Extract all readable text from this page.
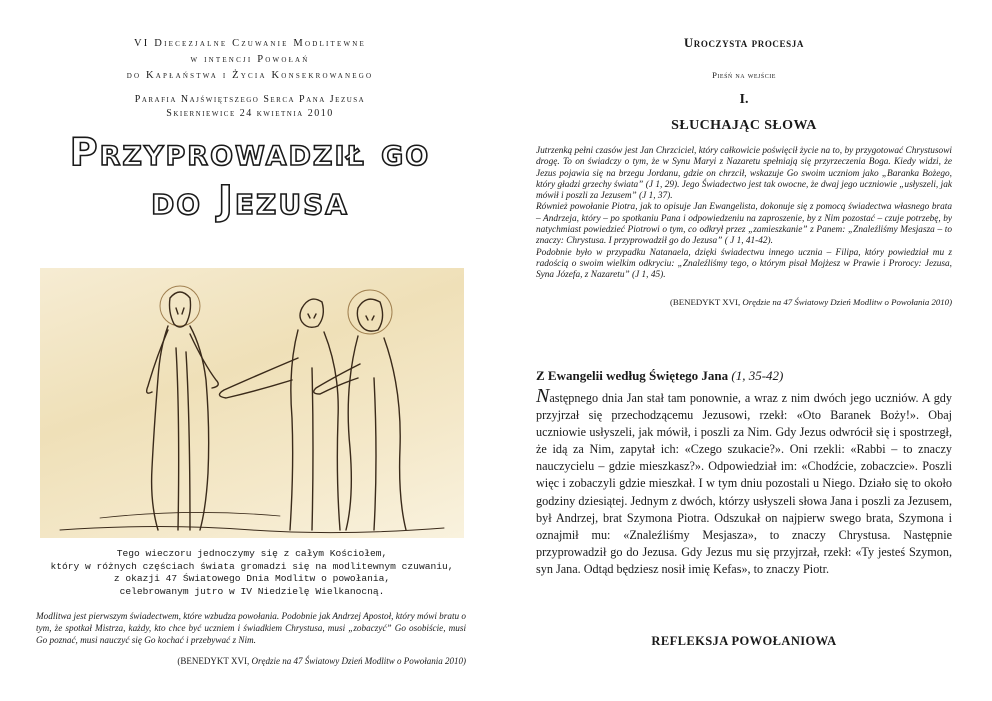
VI Diecezjalne Czuwanie Modlitewne
w intencji Powołań
do Kapłaństwa i Życia Konsekrowanego
Parafia Najświętszego Serca Pana Jezusa
Skierniewice 24 kwietnia 2010
Przyprowadził go
do Jezusa
Tego wieczoru jednoczymy się z całym Kościołem,
który w różnych częściach świata gromadzi się na modlitewnym czuwaniu,
z okazji 47 Światowego Dnia Modlitw o powołania,
celebrowanym jutro w IV Niedzielę Wielkanocną.
Modlitwa jest pierwszym świadectwem, które wzbudza powołania. Podobnie jak Andrzej Apostoł, który mówi bratu o tym, że spotkał Mistrza, każdy, kto chce być uczniem i świadkiem Chrystusa, musi „zobaczyć” Go osobiście, musi Go poznać, musi nauczyć się Go kochać i przebywać z Nim.
(BENEDYKT XVI, Orędzie na 47 Światowy Dzień Modlitw o Powołania 2010)
Uroczysta procesja
Pieśń na wejście
I.
SŁUCHAJĄC SŁOWA

Jutrzenką pełni czasów jest Jan Chrzciciel, który całkowicie poświęcił życie na to, by przygotować Chrystusowi drogę. To on świadczy o tym, że w Synu Maryi z Nazaretu spełniają się przyrzeczenia Boga. Kiedy widzi, że Jezus pojawia się na brzegu Jordanu, gdzie on chrzcił, wskazuje Go swoim uczniom jako „Baranka Bożego, który gładzi grzechy świata” (J 1, 29). Jego Świadectwo jest tak owocne, że dwaj jego uczniowie „usłyszeli, jak mówił i poszli za Jezusem” (J 1, 37).

Również powołanie Piotra, jak to opisuje Jan Ewangelista, dokonuje się z pomocą świadectwa własnego brata – Andrzeja, który – po spotkaniu Pana i odpowiedzeniu na zaproszenie, by z Nim pozostać – czuje potrzebę, by natychmiast powiedzieć Piotrowi o tym, co odkrył przez „zamieszkanie” z Panem: „Znaleźliśmy Mesjasza – to znaczy: Chrystusa. I przyprowadził go do Jezusa” ( J 1, 41-42).

Podobnie było w przypadku Natanaela, dzięki świadectwu innego ucznia – Filipa, który powiedział mu z radością o swoim wielkim odkryciu: „Znaleźliśmy tego, o którym pisał Mojżesz w Prawie i Prorocy: Jezusa, Syna Józefa, z Nazaretu” (J 1, 45).

(BENEDYKT XVI, Orędzie na 47 Światowy Dzień Modlitw o Powołania 2010)
Z Ewangelii według Świętego Jana (1, 35-42)
Następnego dnia Jan stał tam ponownie, a wraz z nim dwóch jego uczniów. A gdy przyjrzał się przechodzącemu Jezusowi, rzekł: «Oto Baranek Boży!». Obaj uczniowie usłyszeli, jak mówił, i poszli za Nim. Gdy Jezus odwrócił się i spostrzegł, że idą za Nim, zapytał ich: «Czego szukacie?». Oni rzekli: «Rabbi – to znaczy nauczycielu – gdzie mieszkasz?». Odpowiedział im: «Chodźcie, zobaczcie». Poszli więc i zobaczyli gdzie mieszkał. I w tym dniu pozostali u Niego. Działo się to około godziny dziesiątej. Jednym z dwóch, którzy usłyszeli słowa Jana i poszli za Jezusem, był Andrzej, brat Szymona Piotra. Odszukał on najpierw swego brata, Szymona i oznajmił mu: «Znaleźliśmy Mesjasza», to znaczy Chrystusa. Następnie przyprowadził go do Jezusa. Gdy Jezus mu się przyjrzał, rzekł: «Ty jesteś Szymon, syn Jana. Odtąd będziesz nosił imię Kefas», to znaczy Piotr.
REFLEKSJA POWOŁANIOWA
